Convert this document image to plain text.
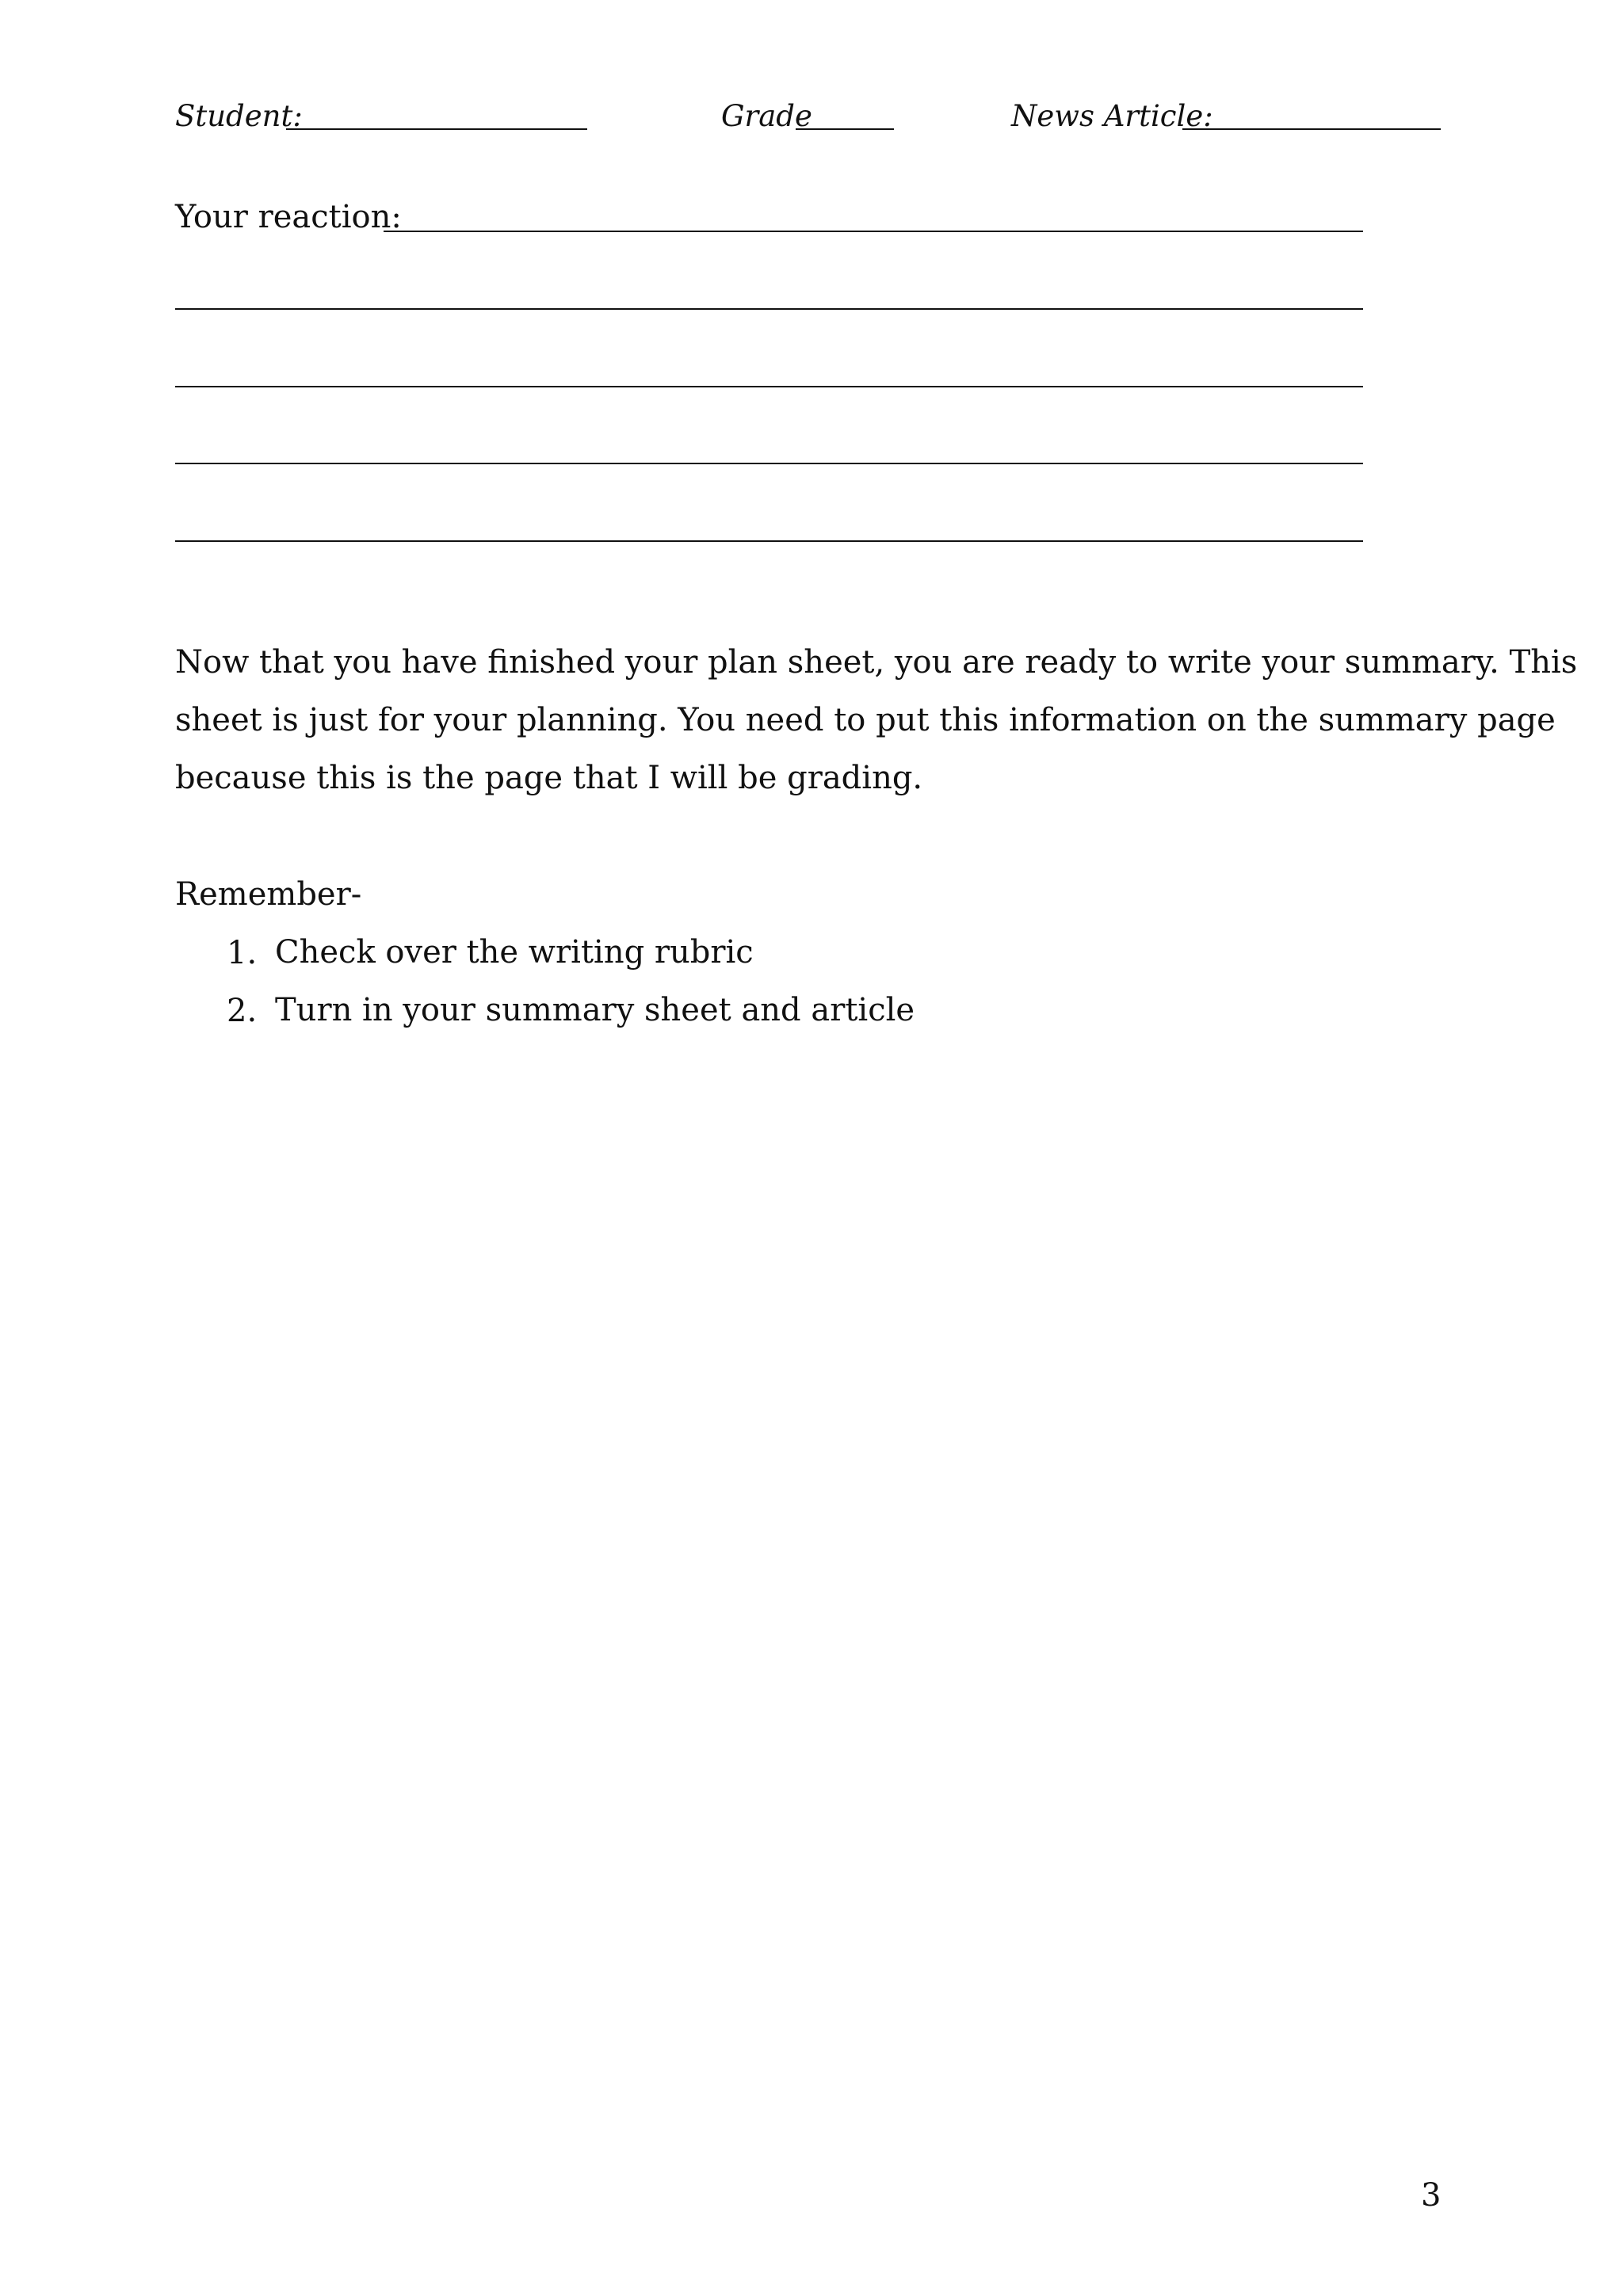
Student:	Grade	News Article:
Your reaction:
Now that you have finished your plan sheet, you are ready to write your summary. This
sheet is just for your planning. You need to put this information on the summary page
because this is the page that I will be grading.
Remember-
1. Check over the writing rubric
2. Turn in your summary sheet and article
3
